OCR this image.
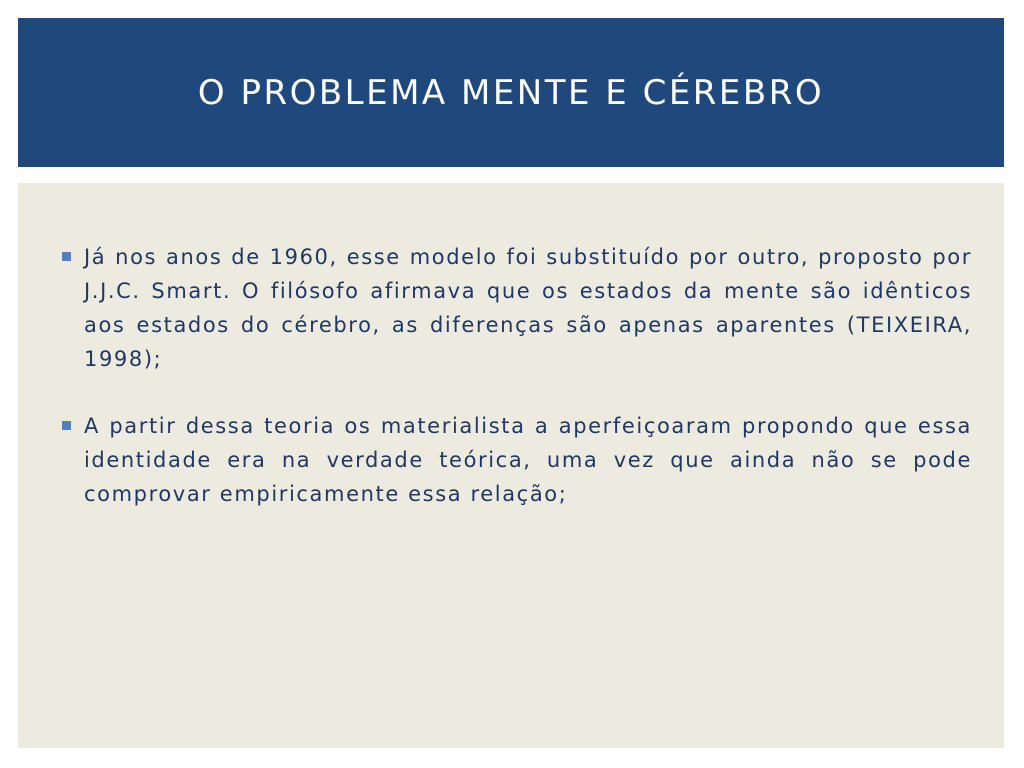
O PROBLEMA MENTE E CÉREBRO
Já nos anos de 1960, esse modelo foi substituído por outro, proposto por J.J.C. Smart. O filósofo afirmava que os estados da mente são idênticos aos estados do cérebro, as diferenças são apenas aparentes (TEIXEIRA, 1998);
A partir dessa teoria os materialista a aperfeiçoaram propondo que essa identidade era na verdade teórica, uma vez que ainda não se pode comprovar empiricamente essa relação;
